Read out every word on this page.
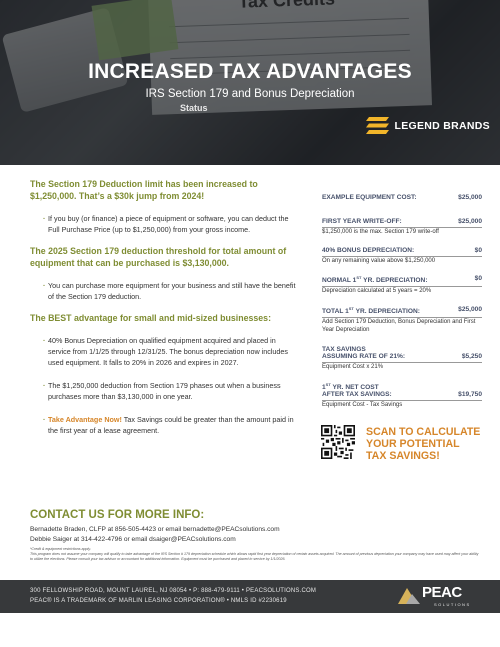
Status
INCREASED TAX ADVANTAGES
IRS Section 179 and Bonus Depreciation
LEGEND BRANDS
The Section 179 Deduction limit has been increased to $1,250,000. That’s a $30k jump from 2024!
· If you buy (or finance) a piece of equipment or software, you can deduct the Full Purchase Price (up to $1,250,000) from your gross income.
The 2025 Section 179 deduction threshold for total amount of equipment that can be purchased is $3,130,000.
· You can purchase more equipment for your business and still have the benefit of the Section 179 deduction.
The BEST advantage for small and mid-sized businesses:
· 40% Bonus Depreciation on qualified equipment acquired and placed in service from 1/1/25 through 12/31/25. The bonus depreciation now includes used equipment. It falls to 20% in 2026 and expires in 2027.
· The $1,250,000 deduction from Section 179 phases out when a business purchases more than $3,130,000 in one year.
· Take Advantage Now! Tax Savings could be greater than the amount paid in the first year of a lease agreement.
EXAMPLE EQUIPMENT COST:	$25,000
FIRST YEAR WRITE-OFF:	$25,000
$1,250,000 is the max. Section 179 write-off
40% BONUS DEPRECIATION:	$0
On any remaining value above $1,250,000
NORMAL 1ST YR. DEPRECIATION:	$0
Depreciation calculated at 5 years = 20%
TOTAL 1ST YR. DEPRECIATION:	$25,000
Add Section 179 Deduction, Bonus Depreciation and First Year Depreciation
TAX SAVINGS
ASSUMING RATE OF 21%:	$5,250
Equipment Cost x 21%
1ST YR. NET COST
AFTER TAX SAVINGS:	$19,750
Equipment Cost - Tax Savings
SCAN TO CALCULATE
YOUR POTENTIAL
TAX SAVINGS!
CONTACT US FOR MORE INFO:
Bernadette Braden, CLFP at 856-505-4423 or email bernadette@PEACsolutions.com
Debbie Saiger at 314-422-4796 or email dsaiger@PEACsolutions.com
*Credit & equipment restrictions apply.
This program does not assume your company will qualify to take advantage of the IRS Section # 179 depreciation schedule which allows rapid first year depreciation of certain assets acquired. The amount of previous depreciation your company may have used may affect your ability to utilize the elections. Please consult your tax advisor or accountant for additional information. Equipment must be purchased and placed in service by 1/1/2026.
300 FELLOWSHIP ROAD, MOUNT LAUREL, NJ 08054 • P: 888-479-9111 • PEACSOLUTIONS.COM
PEAC® IS A TRADEMARK OF MARLIN LEASING CORPORATION® • NMLS ID #2230619	PEAC
SOLUTIONS
